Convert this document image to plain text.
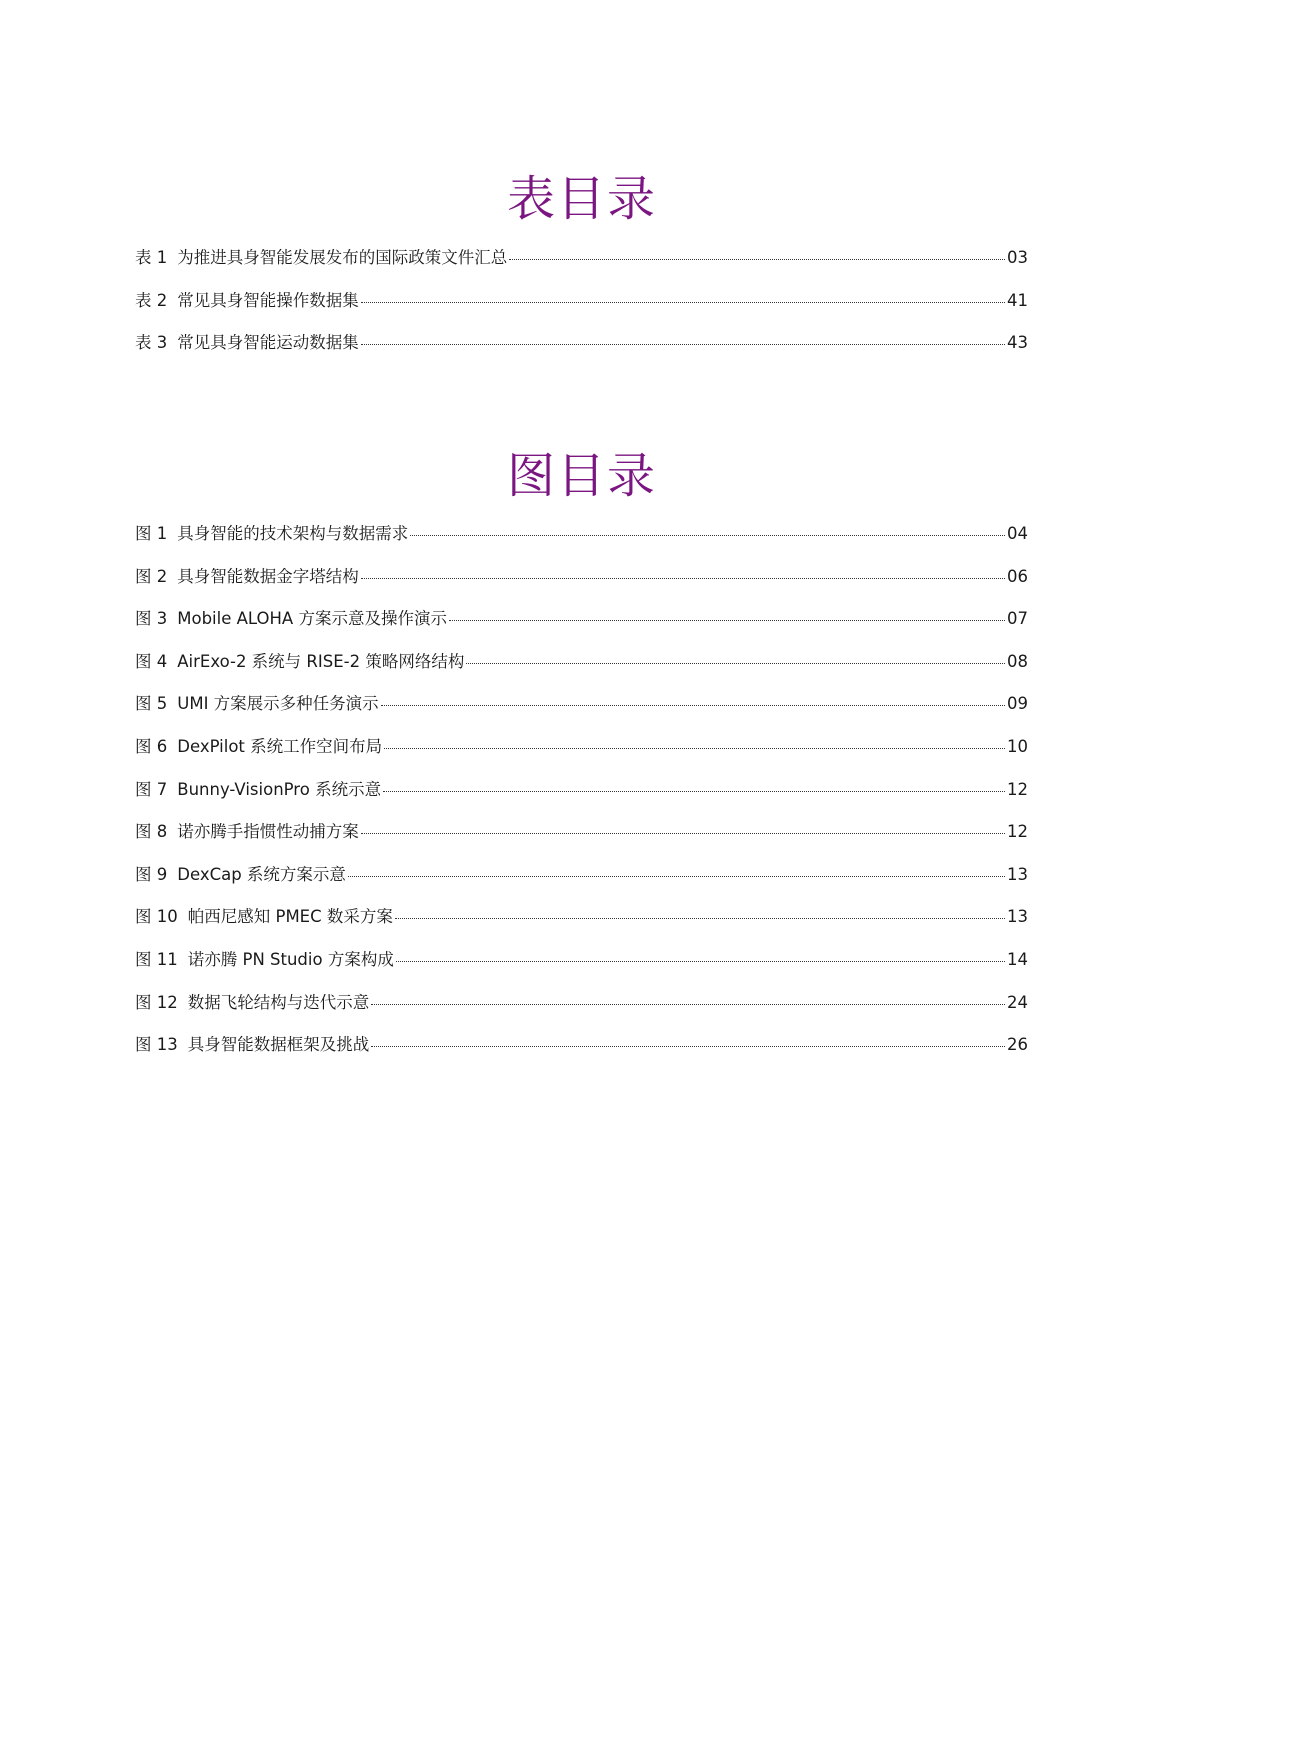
表目录
表 1 为推进具身智能发展发布的国际政策文件汇总	03
表 2 常见具身智能操作数据集	41
表 3 常见具身智能运动数据集	43
图目录
图 1 具身智能的技术架构与数据需求	04
图 2 具身智能数据金字塔结构	06
图 3 Mobile ALOHA 方案示意及操作演示	07
图 4 AirExo-2 系统与 RISE-2 策略网络结构	08
图 5 UMI 方案展示多种任务演示	09
图 6 DexPilot 系统工作空间布局	10
图 7 Bunny-VisionPro 系统示意	12
图 8 诺亦腾手指惯性动捕方案	12
图 9 DexCap 系统方案示意	13
图 10 帕西尼感知 PMEC 数采方案	13
图 11 诺亦腾 PN Studio 方案构成	14
图 12 数据飞轮结构与迭代示意	24
图 13 具身智能数据框架及挑战	26
